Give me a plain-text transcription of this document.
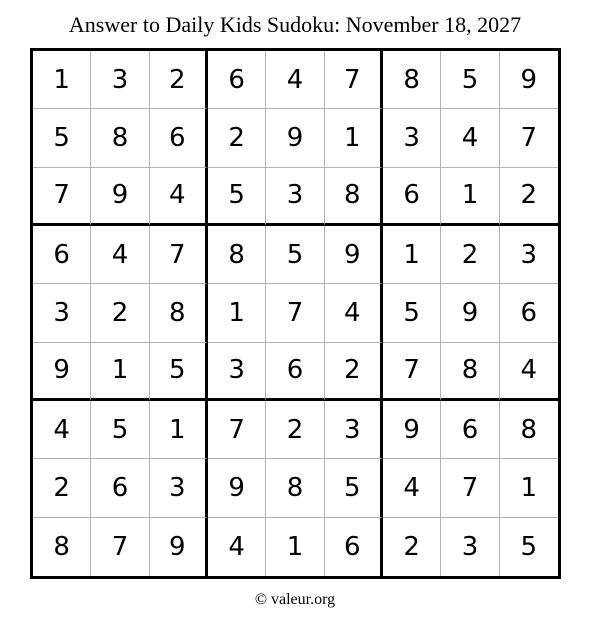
Answer to Daily Kids Sudoku: November 18, 2027
1	3	2	6	4	7	8	5	9
5	8	6	2	9	1	3	4	7
7	9	4	5	3	8	6	1	2
6	4	7	8	5	9	1	2	3
3	2	8	1	7	4	5	9	6
9	1	5	3	6	2	7	8	4
4	5	1	7	2	3	9	6	8
2	6	3	9	8	5	4	7	1
8	7	9	4	1	6	2	3	5
© valeur.org
